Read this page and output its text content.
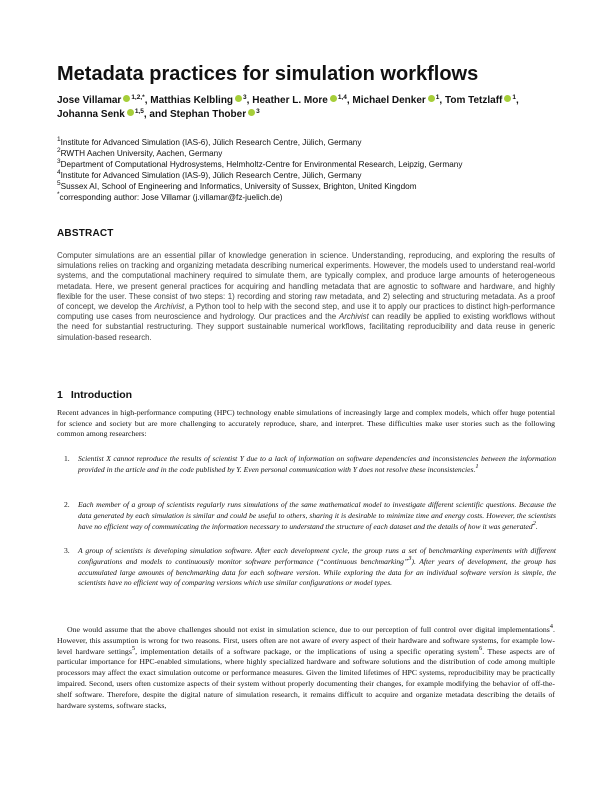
Metadata practices for simulation workflows
Jose Villamar $^{1,2,*}$, Matthias Kelbling $^3$, Heather L. More $^{1,4}$, Michael Denker $^1$, Tom Tetzlaff $^1$, Johanna Senk $^{1,5}$, and Stephan Thober $^3$
$^1$Institute for Advanced Simulation (IAS-6), Jülich Research Centre, Jülich, Germany
$^2$RWTH Aachen University, Aachen, Germany
$^3$Department of Computational Hydrosystems, Helmholtz-Centre for Environmental Research, Leipzig, Germany
$^4$Institute for Advanced Simulation (IAS-9), Jülich Research Centre, Jülich, Germany
$^5$Sussex AI, School of Engineering and Informatics, University of Sussex, Brighton, United Kingdom
*corresponding author: Jose Villamar (j.villamar@fz-juelich.de)
ABSTRACT

Computer simulations are an essential pillar of knowledge generation in science. Understanding, reproducing, and exploring the results of simulations relies on tracking and organizing metadata describing numerical experiments. However, the models used to understand real-world systems, and the computational machinery required to simulate them, are typically complex, and produce large amounts of heterogeneous metadata. Here, we present general practices for acquiring and handling metadata that are agnostic to software and hardware, and highly flexible for the user. These consist of two steps: 1) recording and storing raw metadata, and 2) selecting and structuring metadata. As a proof of concept, we develop the Archivist, a Python tool to help with the second step, and use it to apply our practices to distinct high-performance computing use cases from neuroscience and hydrology. Our practices and the Archivist can readily be applied to existing workflows without the need for substantial restructuring. They support sustainable numerical workflows, facilitating reproducibility and data reuse in generic simulation-based research.

1 Introduction

Recent advances in high-performance computing (HPC) technology enable simulations of increasingly large and complex models, which offer huge potential for science and society but are more challenging to accurately reproduce, share, and interpret. These difficulties make user stories such as the following common among researchers:

1. Scientist X cannot reproduce the results of scientist Y due to a lack of information on software dependencies and inconsistencies between the information provided in the article and in the code published by Y. Even personal communication with Y does not resolve these inconsistencies.$^1$
2. Each member of a group of scientists regularly runs simulations of the same mathematical model to investigate different scientific questions. Because the data generated by each simulation is similar and could be useful to others, sharing it is desirable to minimize time and energy costs. However, the scientists have no efficient way of communicating the information necessary to understand the structure of each dataset and the details of how it was generated$^2$.
3. A group of scientists is developing simulation software. After each development cycle, the group runs a set of benchmarking experiments with different configurations and models to continuously monitor software performance (“continuous benchmarking”$^3$). After years of development, the group has accumulated large amounts of benchmarking data for each software version. While exploring the data for an individual software version is simple, the scientists have no efficient way of comparing versions which use similar configurations or model types.

One would assume that the above challenges should not exist in simulation science, due to our perception of full control over digital implementations$^4$. However, this assumption is wrong for two reasons. First, users often are not aware of every aspect of their hardware and software systems, for example low-level hardware settings$^5$, implementation details of a software package, or the implications of using a specific operating system$^6$. These aspects are of particular importance for HPC-enabled simulations, where highly specialized hardware and software solutions and the distribution of code among multiple processors may affect the exact simulation outcome or performance measures. Given the limited lifetimes of HPC systems, reproducibility may be practically impaired. Second, users often customize aspects of their system without properly documenting their changes, for example modifying the behavior of off-the-shelf software. Therefore, despite the digital nature of simulation research, it remains difficult to acquire and organize metadata describing the details of hardware systems, software stacks,
